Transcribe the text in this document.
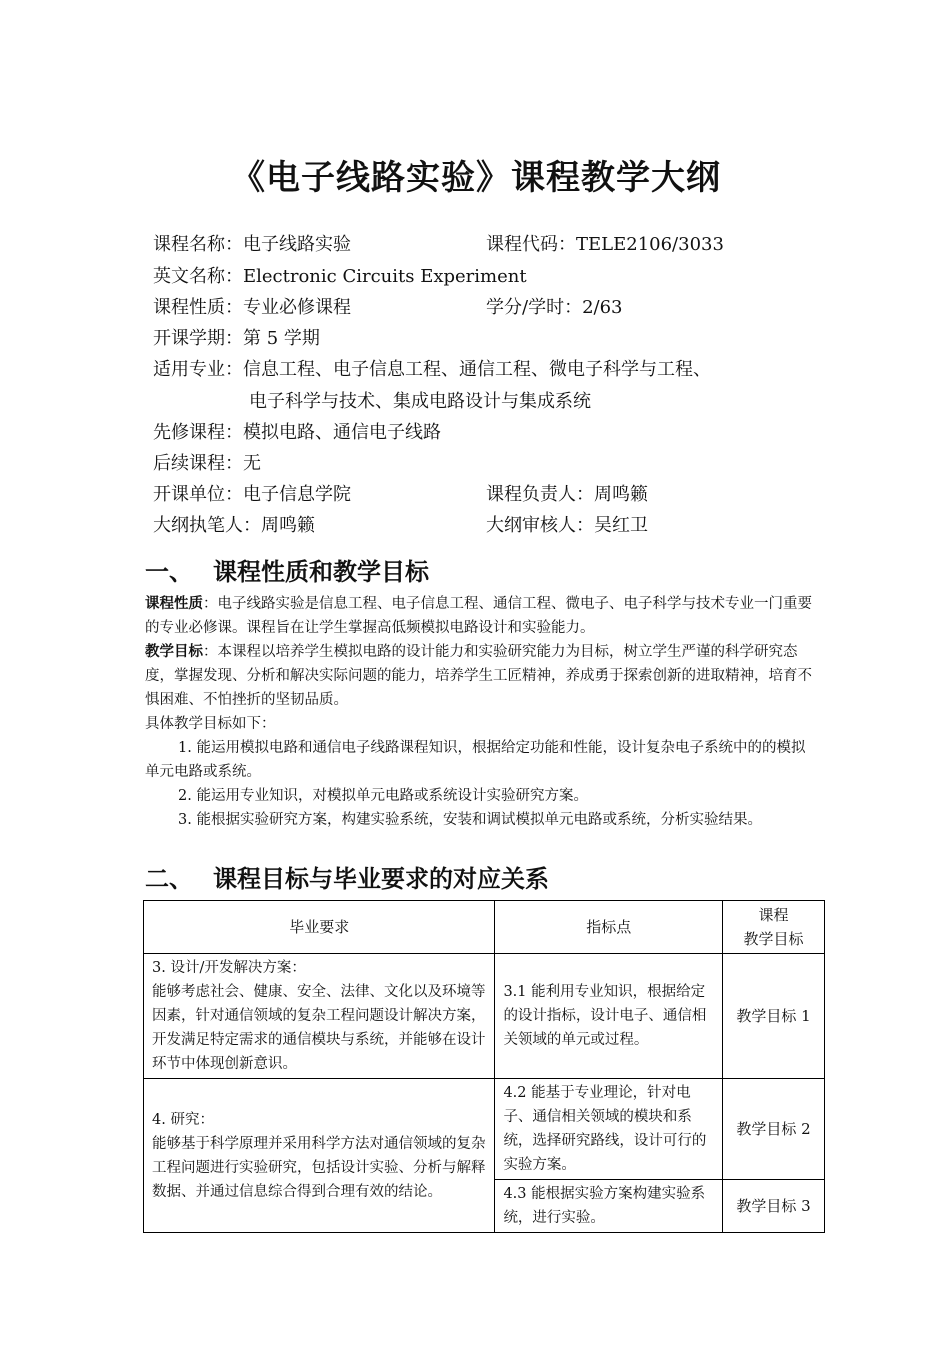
《电子线路实验》课程教学大纲
课程名称：电子线路实验	课程代码：TELE2106/3033
英文名称：Electronic Circuits Experiment
课程性质：专业必修课程	学分/学时：2/63
开课学期：第 5 学期
适用专业：信息工程、电子信息工程、通信工程、微电子科学与工程、
电子科学与技术、集成电路设计与集成系统
先修课程：模拟电路、通信电子线路
后续课程：无
开课单位：电子信息学院	课程负责人：周鸣籁
大纲执笔人：周鸣籁	大纲审核人：吴红卫
一、 课程性质和教学目标
课程性质：电子线路实验是信息工程、电子信息工程、通信工程、微电子、电子科学与技术专业一门重要的专业必修课。课程旨在让学生掌握高低频模拟电路设计和实验能力。
教学目标：本课程以培养学生模拟电路的设计能力和实验研究能力为目标，树立学生严谨的科学研究态度，掌握发现、分析和解决实际问题的能力，培养学生工匠精神，养成勇于探索创新的进取精神，培育不惧困难、不怕挫折的坚韧品质。
具体教学目标如下：
1. 能运用模拟电路和通信电子线路课程知识，根据给定功能和性能，设计复杂电子系统中的的模拟单元电路或系统。
2. 能运用专业知识，对模拟单元电路或系统设计实验研究方案。
3. 能根据实验研究方案，构建实验系统，安装和调试模拟单元电路或系统，分析实验结果。
二、 课程目标与毕业要求的对应关系
毕业要求	指标点	课程
教学目标

3. 设计/开发解决方案：
能够考虑社会、健康、安全、法律、文化以及环境等因素，针对通信领域的复杂工程问题设计解决方案，开发满足特定需求的通信模块与系统，并能够在设计环节中体现创新意识。	3.1 能利用专业知识，根据给定的设计指标，设计电子、通信相关领域的单元或过程。	教学目标 1

4. 研究：
能够基于科学原理并采用科学方法对通信领域的复杂工程问题进行实验研究，包括设计实验、分析与解释数据、并通过信息综合得到合理有效的结论。	4.2 能基于专业理论，针对电子、通信相关领域的模块和系统，选择研究路线，设计可行的实验方案。	教学目标 2
	4.3 能根据实验方案构建实验系统，进行实验。	教学目标 3
